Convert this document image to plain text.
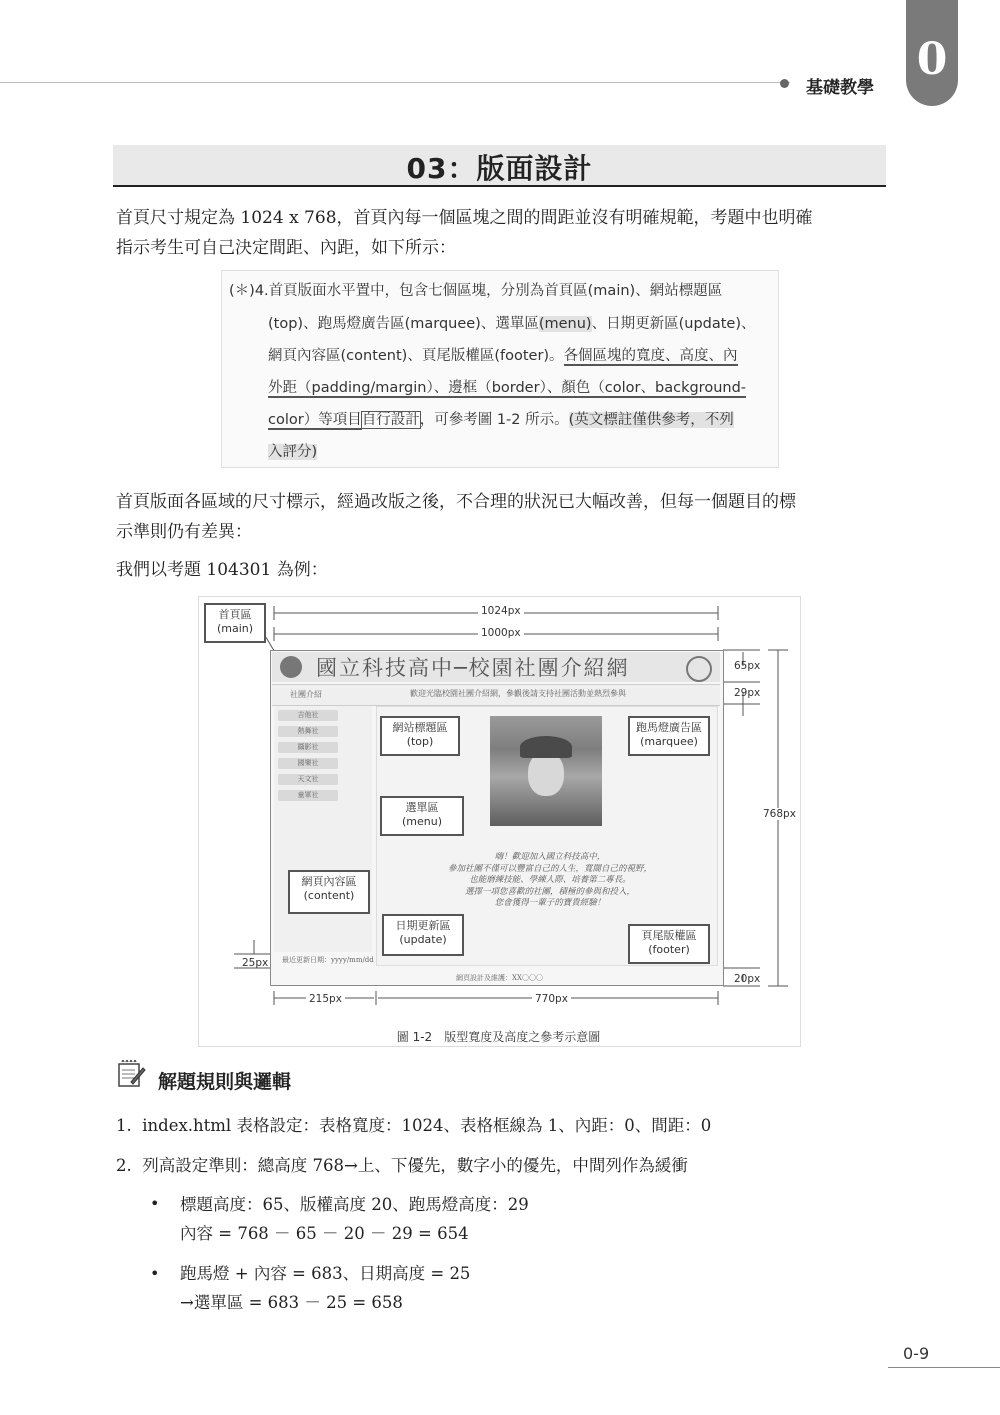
基礎教學
0
03：版面設計
首頁尺寸規定為 1024 x 768，首頁內每一個區塊之間的間距並沒有明確規範，考題中也明確
指示考生可自己決定間距、內距，如下所示：
(＊)4.首頁版面水平置中，包含七個區塊，分別為首頁區(main)、網站標題區
(top)、跑馬燈廣告區(marquee)、選單區(menu)、日期更新區(update)、
網頁內容區(content)、頁尾版權區(footer)。各個區塊的寬度、高度、內
外距（padding/margin）、邊框（border）、顏色（color、background-
color）等項目自行設計，可參考圖 1-2 所示。(英文標註僅供參考，不列
入評分)
首頁版面各區域的尺寸標示，經過改版之後，不合理的狀況已大幅改善，但每一個題目的標
示準則仍有差異：
我們以考題 104301 為例：
國立科技高中─校園社團介紹網
歡迎光臨校園社團介紹網，參觀後請支持社團活動並熱烈參與
社團介紹
吉他社
熱舞社
攝影社
國樂社
天文社
童軍社
嗨！歡迎加入國立科技高中，
參加社團不僅可以豐富自己的人生，寬闊自己的視野，
也能磨練技能、學練人際、培養第二專長。
選擇一項您喜歡的社團，積極的參與和投入，
您會獲得一輩子的寶貴經驗！
最近更新日期：yyyy/mm/dd
網頁設計及維護：XX〇〇〇
1024px
1000px
65px
29px
768px
25px
20px
215px	770px
首頁區
(main)
網站標題區
(top)
跑馬燈廣告區
(marquee)
選單區
(menu)
網頁內容區
(content)
日期更新區
(update)	頁尾版權區
(footer)
圖 1-2　版型寬度及高度之參考示意圖
解題規則與邏輯
1. index.html 表格設定：表格寬度：1024、表格框線為 1、內距：0、間距：0
2. 列高設定準則：總高度 768→上、下優先，數字小的優先，中間列作為緩衝
• 標題高度：65、版權高度 20、跑馬燈高度：29
內容 = 768 － 65 － 20 － 29 = 654
• 跑馬燈 + 內容 = 683、日期高度 = 25
→選單區 = 683 － 25 = 658
0-9
